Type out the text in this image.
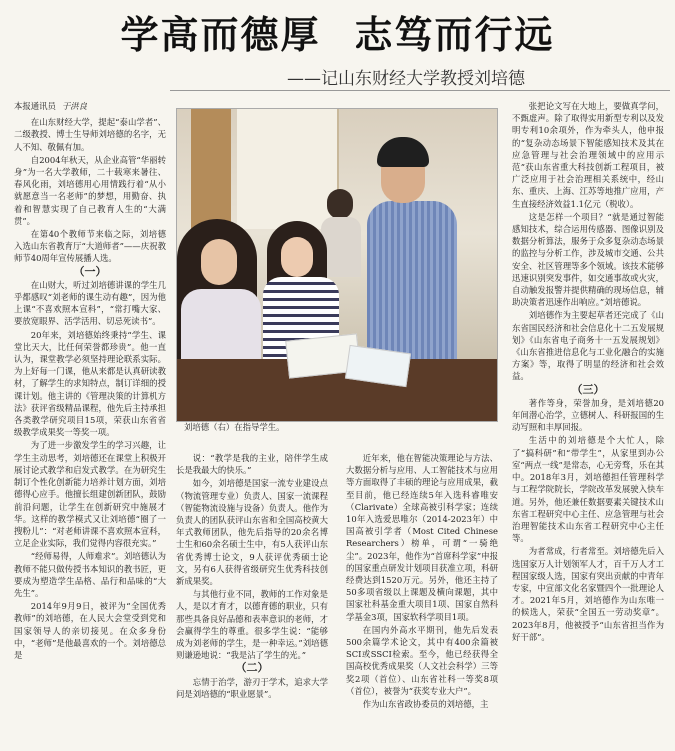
学高而德厚 志笃而行远
——记山东财经大学教授刘培德
本报通讯员 于洪良

在山东财经大学，提起“泰山学者”、二级教授、博士生导师刘培德的名字，无人不知、敬佩有加。

自2004年秋天，从企业高管“华丽转身”为一名大学教师，二十载寒来暑往、春风化雨，刘培德用心用情践行着“从小就愿意当一名老师”的梦想，用勤奋、执着和智慧实现了自己教育人生的“大满贯”。

在第40个教师节来临之际，刘培德入选山东省教育厅“大道师者”——庆祝教师节40周年宣传展播人选。

（一）

在山财大，听过刘培德讲课的学生几乎都感叹“刘老师的课生动有趣”，因为他上课“不喜欢照本宣科”，“常打嘴大家、要放宽眼界、活学活用、切忌死读书”。

20年来，刘培德始终秉持“学生、课堂比天大，比任何荣誉都珍贵”。他一直认为，课堂教学必须坚持理论联系实际。为上好每一门课，他从来都是认真研读教材，了解学生的求知特点，制订详细的授课计划。他主讲的《管理决策的计算机方法》获评省级精品课程，他先后主持承担各类教学研究项目15项，荣获山东省省级教学成果奖一等奖一项。

为了进一步激发学生的学习兴趣，让学生主动思考，刘培德还在课堂上积极开展讨论式教学和启发式教学。在为研究生制订个性化创新能力培养计划方面，刘培德得心应手。他擅长组建创新团队，鼓励前沿问题，让学生在创新研究中施展才华。这样的教学模式又让刘培德“圈了一搜粉儿”：“对老师讲课不喜欢照本宣科，立足企业实际，我们觉得内容很充实。”

“经师易得，人师难求”。刘培德认为教师不能只做传授书本知识的教书匠，更要成为塑造学生品格、品行和品味的“大先生”。

2014年9月9日，被评为“全国优秀教师”的刘培德，在人民大会堂受到党和国家领导人的亲切接见。在众多身份中，“老师”是他最喜欢的一个。刘培德总是

刘培德（右）在指导学生。

说：“教学是我的主业，陪伴学生成长是我最大的快乐。”

如今，刘培德是国家一流专业建设点（物流管理专业）负责人、国家一流课程（智能物流设施与设备）负责人。他作为负责人的团队获评山东省和全国高校黄大年式教师团队，他先后指导的20余名博士生和60余名硕士生中，有5人获评山东省优秀博士论文，9人获评优秀硕士论文，另有6人获得省级研究生优秀科技创新成果奖。

与其他行业不同，教师的工作对象是人，是以才育才，以德育德的职业，只有那些具备良好品德和表率意识的老师，才会赢得学生的尊重。很多学生说：“能够成为刘老师的学生，是一种幸运。”刘培德则谦逊地说：“我是沾了学生的光。”

（二）

忘情于治学，游刃于学术，追求大学问是刘培德的“职业愿景”。

近年来，他在智能决策理论与方法、大数据分析与应用、人工智能技术与应用等方面取得了丰硕的理论与应用成果，截至目前，他已经连续5年入选科睿唯安（Clarivate）全球高被引科学家；连续10年入选爱思唯尔（2014-2023年）中国高被引学者（Most Cited Chinese Researchers）榜单，可谓“一骑绝尘”。2023年，他作为“首席科学家”申报的国家重点研发计划项目获准立项，科研经费达到1520万元。另外，他还主持了50多项省级以上课题及横向课题，其中国家社科基金重大项目1项、国家自然科学基金3项，国家软科学项目1项。

在国内外高水平期刊，他先后发表500余篇学术论文，其中有400余篇被SCI或SSCI检索。至今，他已经获得全国高校优秀成果奖（人文社会科学）三等奖2项（首位）、山东省社科一等奖8项（首位），被誉为“获奖专业大户”。

作为山东省政协委员的刘培德，主

张把论文写在大地上，要做真学问，不甄虚声。除了取得实用新型专利以及发明专利10余项外，作为牵头人，他申报的“复杂动态场景下智能感知技术及其在应急管理与社会治理领域中的应用示范”获山东省重大科技创新工程项目，被广泛应用于社会治理相关系统中，经山东、重庆、上海、江苏等地推广应用，产生直接经济效益1.1亿元（税收）。

这是怎样一个项目？“就是通过智能感知技术，综合运用传感器、图像识别及数据分析算法，服务于众多复杂动态场景的监控与分析工作，涉及城市交通、公共安全、社区管理等多个领域。该技术能够迅速识别突发事件，如交通事故或火灾，自动触发报警并提供精确的现场信息，辅助决策者迅速作出响应。”刘培德说。

刘培德作为主要起草者还完成了《山东省国民经济和社会信息化十二五发展规划》《山东省电子商务十一五发展规划》《山东省推进信息化与工业化融合的实施方案》等，取得了明显的经济和社会效益。

（三）

著作等身，荣誉加身，是刘培德20年间潜心治学，立德树人、科研报国的生动写照和丰厚回报。

生活中的刘培德是个大忙人，除了“搞科研”和“带学生”，从家里到办公室“两点一线”是常态，心无旁骛，乐在其中。2018年3月，刘培德担任管理科学与工程学院院长，学院改革发展驶入快车道。另外，他还兼任数据要素关键技术山东省工程研究中心主任、应急管理与社会治理智能技术山东省工程研究中心主任等。

为者常成，行者常至。刘培德先后入选国家万人计划领军人才，百千万人才工程国家级人选，国家有突出贡献的中青年专家，中宣部文化名家暨四个一批理论人才。2021年5月，刘培德作为山东唯一的候选人，荣获“全国五一劳动奖章”。2023年8月，他被授予“山东省担当作为好干部”。
